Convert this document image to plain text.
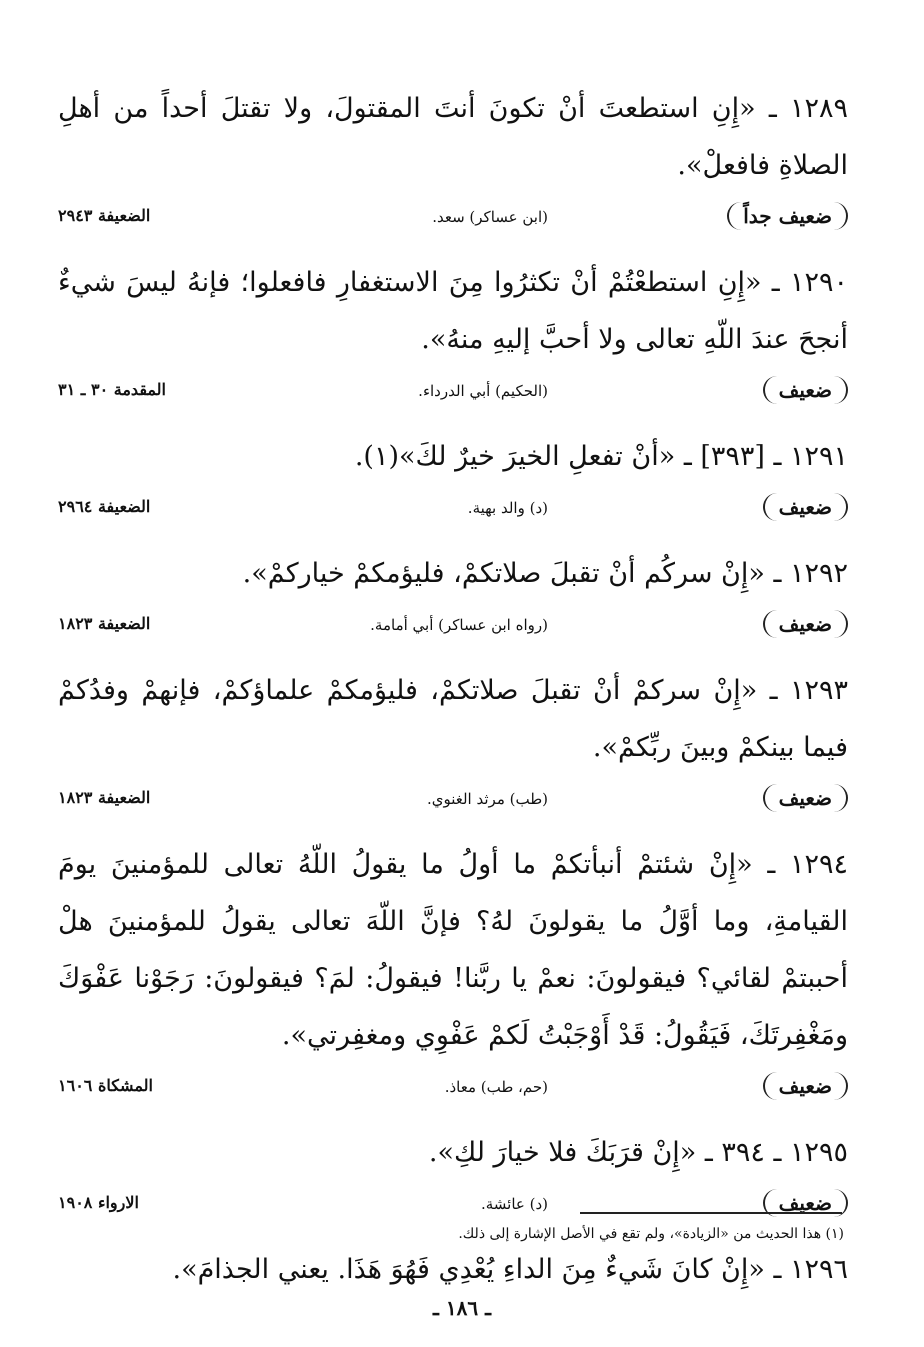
١٢٨٩ ـ «إِنِ استطعتَ أنْ تكونَ أنتَ المقتولَ، ولا تقتلَ أحداً من أهلِ الصلاةِ فافعلْ».

ضعيف جداً
(ابن عساكر) سعد.
الضعيفة ٢٩٤٣

١٢٩٠ ـ «إِنِ استطعْتُمْ أنْ تكثرُوا مِنَ الاستغفارِ فافعلوا؛ فإنهُ ليسَ شيءٌ أنجحَ عندَ اللّهِ تعالى ولا أحبَّ إليهِ منهُ».

ضعيف
(الحكيم) أبي الدرداء.
المقدمة ٣٠ ـ ٣١

١٢٩١ ـ [٣٩٣] ـ «أنْ تفعلِ الخيرَ خيرٌ لكَ»(١).

ضعيف
(د) والد بهية.
الضعيفة ٢٩٦٤

١٢٩٢ ـ «إِنْ سركُم أنْ تقبلَ صلاتكمْ، فليؤمكمْ خياركمْ».

ضعيف
(رواه ابن عساكر) أبي أمامة.
الضعيفة ١٨٢٣

١٢٩٣ ـ «إِنْ سركمْ أنْ تقبلَ صلاتكمْ، فليؤمكمْ علماؤكمْ، فإنهمْ وفدُكمْ فيما بينكمْ وبينَ ربِّكمْ».

ضعيف
(طب) مرثد الغنوي.
الضعيفة ١٨٢٣

١٢٩٤ ـ «إِنْ شئتمْ أنبأتكمْ ما أولُ ما يقولُ اللّهُ تعالى للمؤمنينَ يومَ القيامةِ، وما أوَّلُ ما يقولونَ لهُ؟ فإنَّ اللّهَ تعالى يقولُ للمؤمنينَ هلْ أحببتمْ لقائي؟ فيقولونَ: نعمْ يا ربَّنا! فيقولُ: لمَ؟ فيقولونَ: رَجَوْنا عَفْوَكَ ومَغْفِرتَكَ، فَيَقُولُ: قَدْ أَوْجَبْتُ لَكمْ عَفْوِي ومغفِرتي».

ضعيف
(حم، طب) معاذ.
المشكاة ١٦٠٦

١٢٩٥ ـ ٣٩٤ ـ «إِنْ قرَبَكَ فلا خيارَ لكِ».

ضعيف
(د) عائشة.
الارواء ١٩٠٨

١٢٩٦ ـ «إِنْ كانَ شَيءٌ مِنَ الداءِ يُعْدِي فَهُوَ هَذَا. يعني الجذامَ».

(١) هذا الحديث من «الزيادة»، ولم تقع في الأصل الإشارة إلى ذلك.
ـ ١٨٦ ـ
